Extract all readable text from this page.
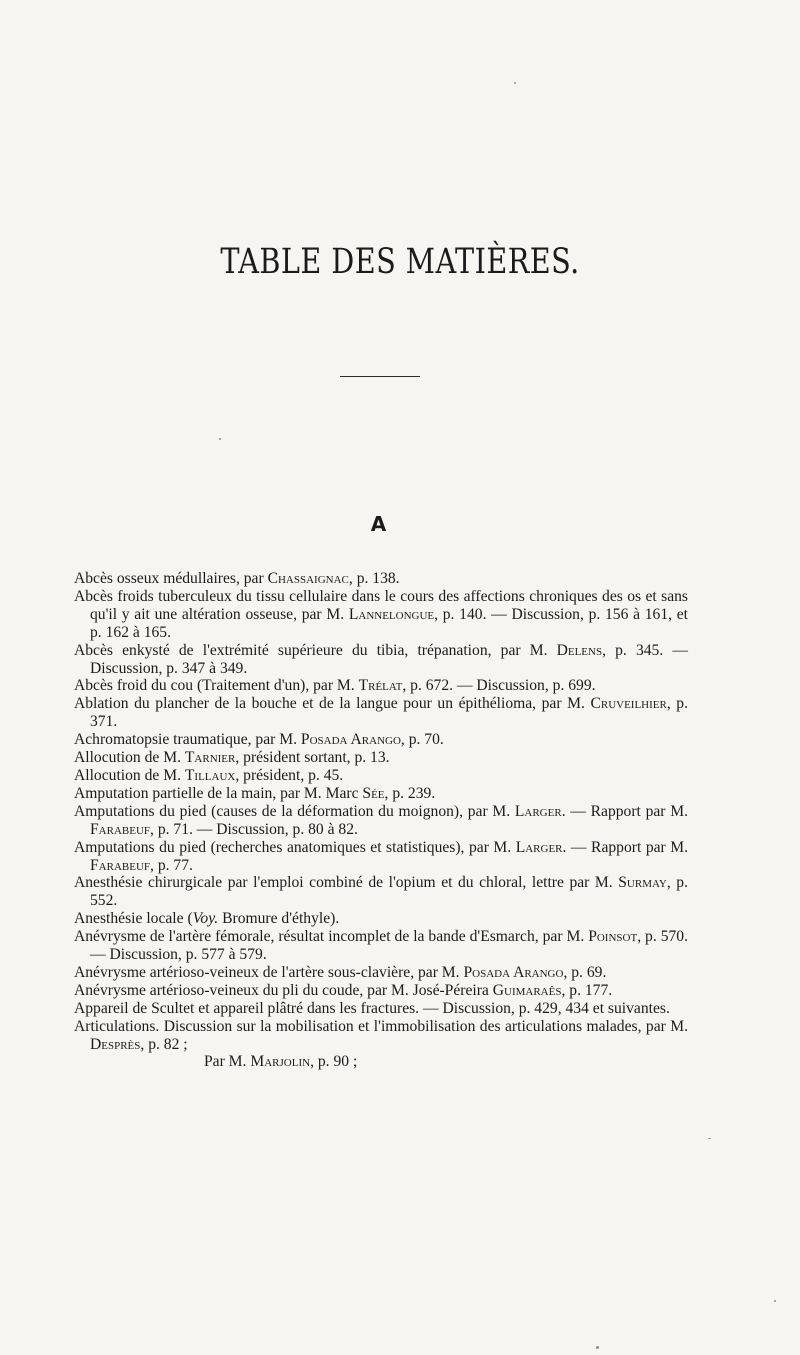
TABLE DES MATIÈRES.
A
Abcès osseux médullaires, par Chassaignac, p. 138.
Abcès froids tuberculeux du tissu cellulaire dans le cours des affections chroniques des os et sans qu'il y ait une altération osseuse, par M. Lannelongue, p. 140. — Discussion, p. 156 à 161, et p. 162 à 165.
Abcès enkysté de l'extrémité supérieure du tibia, trépanation, par M. Delens, p. 345. — Discussion, p. 347 à 349.
Abcès froid du cou (Traitement d'un), par M. Trélat, p. 672. — Discussion, p. 699.
Ablation du plancher de la bouche et de la langue pour un épithélioma, par M. Cruveilhier, p. 371.
Achromatopsie traumatique, par M. Posada Arango, p. 70.
Allocution de M. Tarnier, président sortant, p. 13.
Allocution de M. Tillaux, président, p. 45.
Amputation partielle de la main, par M. Marc Sée, p. 239.
Amputations du pied (causes de la déformation du moignon), par M. Larger. — Rapport par M. Farabeuf, p. 71. — Discussion, p. 80 à 82.
Amputations du pied (recherches anatomiques et statistiques), par M. Larger. — Rapport par M. Farabeuf, p. 77.
Anesthésie chirurgicale par l'emploi combiné de l'opium et du chloral, lettre par M. Surmay, p. 552.
Anesthésie locale (Voy. Bromure d'éthyle).
Anévrysme de l'artère fémorale, résultat incomplet de la bande d'Esmarch, par M. Poinsot, p. 570. — Discussion, p. 577 à 579.
Anévrysme artérioso-veineux de l'artère sous-clavière, par M. Posada Arango, p. 69.
Anévrysme artérioso-veineux du pli du coude, par M. José-Péreira Guimaraês, p. 177.
Appareil de Scultet et appareil plâtré dans les fractures. — Discussion, p. 429, 434 et suivantes.
Articulations. Discussion sur la mobilisation et l'immobilisation des articulations malades, par M. Desprès, p. 82 ;
Par M. Marjolin, p. 90 ;
